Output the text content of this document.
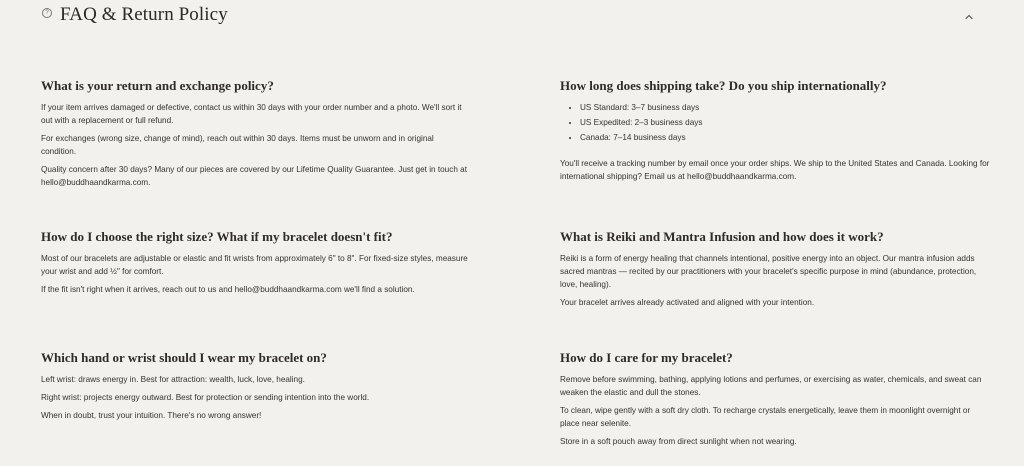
? FAQ & Return Policy
What is your return and exchange policy?

If your item arrives damaged or defective, contact us within 30 days with your order number and a photo. We'll sort it out with a replacement or full refund.

For exchanges (wrong size, change of mind), reach out within 30 days. Items must be unworn and in original condition.

Quality concern after 30 days? Many of our pieces are covered by our Lifetime Quality Guarantee. Just get in touch at hello@buddhaandkarma.com.

How long does shipping take? Do you ship internationally?
• US Standard: 3–7 business days
• US Expedited: 2–3 business days
• Canada: 7–14 business days

You'll receive a tracking number by email once your order ships. We ship to the United States and Canada. Looking for international shipping? Email us at hello@buddhaandkarma.com.

How do I choose the right size? What if my bracelet doesn't fit?

Most of our bracelets are adjustable or elastic and fit wrists from approximately 6" to 8". For fixed-size styles, measure your wrist and add ½" for comfort.

If the fit isn't right when it arrives, reach out to us and hello@buddhaandkarma.com we'll find a solution.

What is Reiki and Mantra Infusion and how does it work?

Reiki is a form of energy healing that channels intentional, positive energy into an object. Our mantra infusion adds sacred mantras — recited by our practitioners with your bracelet's specific purpose in mind (abundance, protection, love, healing).

Your bracelet arrives already activated and aligned with your intention.

Which hand or wrist should I wear my bracelet on?

Left wrist: draws energy in. Best for attraction: wealth, luck, love, healing.

Right wrist: projects energy outward. Best for protection or sending intention into the world.

When in doubt, trust your intuition. There's no wrong answer!

How do I care for my bracelet?

Remove before swimming, bathing, applying lotions and perfumes, or exercising as water, chemicals, and sweat can weaken the elastic and dull the stones.

To clean, wipe gently with a soft dry cloth. To recharge crystals energetically, leave them in moonlight overnight or place near selenite.

Store in a soft pouch away from direct sunlight when not wearing.
